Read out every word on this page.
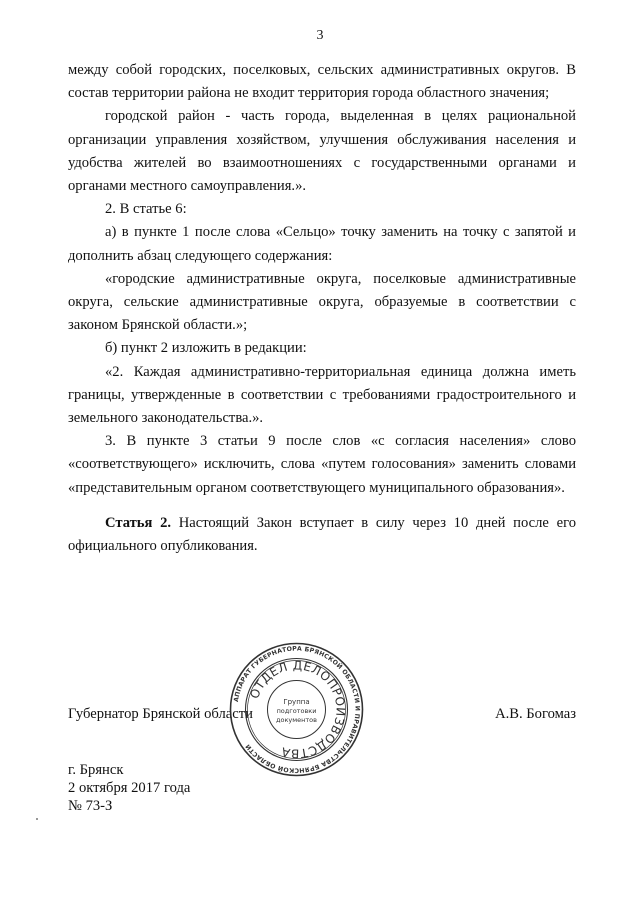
3

между собой городских, поселковых, сельских административных округов. В состав территории района не входит территория города областного значения;

городской район - часть города, выделенная в целях рациональной организации управления хозяйством, улучшения обслуживания населения и удобства жителей во взаимоотношениях с государственными органами и органами местного самоуправления.».

2. В статье 6:

а) в пункте 1 после слова «Сельцо» точку заменить на точку с запятой и дополнить абзац следующего содержания:

«городские административные округа, поселковые административные округа, сельские административные округа, образуемые в соответствии с законом Брянской области.»;

б) пункт 2 изложить в редакции:

«2. Каждая административно-территориальная единица должна иметь границы, утвержденные в соответствии с требованиями градостроительного и земельного законодательства.».

3. В пункте 3 статьи 9 после слов «с согласия населения» слово «соответствующего» исключить, слова «путем голосования» заменить словами «представительным органом соответствующего муниципального образования».

Статья 2. Настоящий Закон вступает в силу через 10 дней после его официального опубликования.

Губернатор Брянской области	А.В. Богомаз
АППАРАТ ГУБЕРНАТОРА БРЯНСКОЙ ОБЛАСТИ И ПРАВИТЕЛЬСТВА БРЯНСКОЙ ОБЛАСТИ
ОТДЕЛ ДЕЛОПРОИЗВОДСТВА
Группа
подготовки
документов
г. Брянск
2 октября 2017 года
№ 73-З
